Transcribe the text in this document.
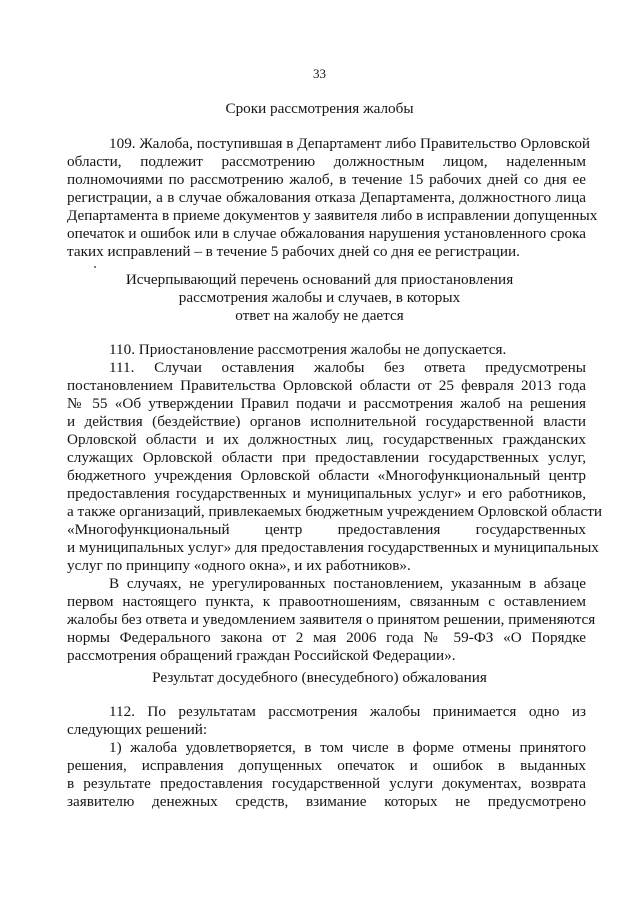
33
Сроки рассмотрения жалобы
109. Жалоба, поступившая в Департамент либо Правительство Орловской
области, подлежит рассмотрению должностным лицом, наделенным
полномочиями по рассмотрению жалоб, в течение 15 рабочих дней со дня ее
регистрации, а в случае обжалования отказа Департамента, должностного лица
Департамента в приеме документов у заявителя либо в исправлении допущенных
опечаток и ошибок или в случае обжалования нарушения установленного срока
таких исправлений – в течение 5 рабочих дней со дня ее регистрации.
Исчерпывающий перечень оснований для приостановления
рассмотрения жалобы и случаев, в которых
ответ на жалобу не дается
110. Приостановление рассмотрения жалобы не допускается.
111. Случаи оставления жалобы без ответа предусмотрены
постановлением Правительства Орловской области от 25 февраля 2013 года
№ 55 «Об утверждении Правил подачи и рассмотрения жалоб на решения
и действия (бездействие) органов исполнительной государственной власти
Орловской области и их должностных лиц, государственных гражданских
служащих Орловской области при предоставлении государственных услуг,
бюджетного учреждения Орловской области «Многофункциональный центр
предоставления государственных и муниципальных услуг» и его работников,
а также организаций, привлекаемых бюджетным учреждением Орловской области
«Многофункциональный центр предоставления государственных
и муниципальных услуг» для предоставления государственных и муниципальных
услуг по принципу «одного окна», и их работников».
В случаях, не урегулированных постановлением, указанным в абзаце
первом настоящего пункта, к правоотношениям, связанным с оставлением
жалобы без ответа и уведомлением заявителя о принятом решении, применяются
нормы Федерального закона от 2 мая 2006 года № 59-ФЗ «О Порядке
рассмотрения обращений граждан Российской Федерации».
Результат досудебного (внесудебного) обжалования
112. По результатам рассмотрения жалобы принимается одно из
следующих решений:
1) жалоба удовлетворяется, в том числе в форме отмены принятого
решения, исправления допущенных опечаток и ошибок в выданных
в результате предоставления государственной услуги документах, возврата
заявителю денежных средств, взимание которых не предусмотрено
